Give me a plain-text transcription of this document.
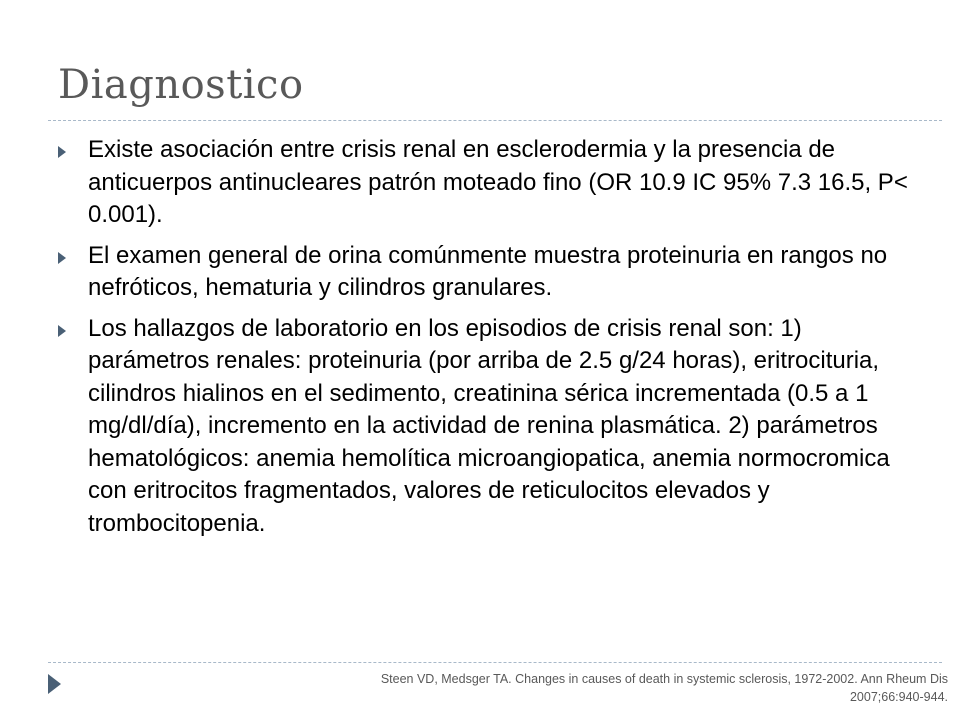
Diagnostico
Existe asociación entre crisis renal en esclerodermia y la presencia de anticuerpos antinucleares patrón moteado fino (OR 10.9 IC 95% 7.3 16.5, P< 0.001).
El examen general de orina comúnmente muestra proteinuria en rangos no nefróticos, hematuria y cilindros granulares.
Los hallazgos de laboratorio en los episodios de crisis renal son: 1) parámetros renales: proteinuria (por arriba de 2.5 g/24 horas), eritrocituria, cilindros hialinos en el sedimento, creatinina sérica incrementada (0.5 a 1 mg/dl/día), incremento en la actividad de renina plasmática. 2) parámetros hematológicos: anemia hemolítica microangiopatica, anemia normocromica con eritrocitos fragmentados, valores de reticulocitos elevados y trombocitopenia.
Steen VD, Medsger TA. Changes in causes of death in systemic sclerosis, 1972-2002. Ann Rheum Dis
2007;66:940-944.
